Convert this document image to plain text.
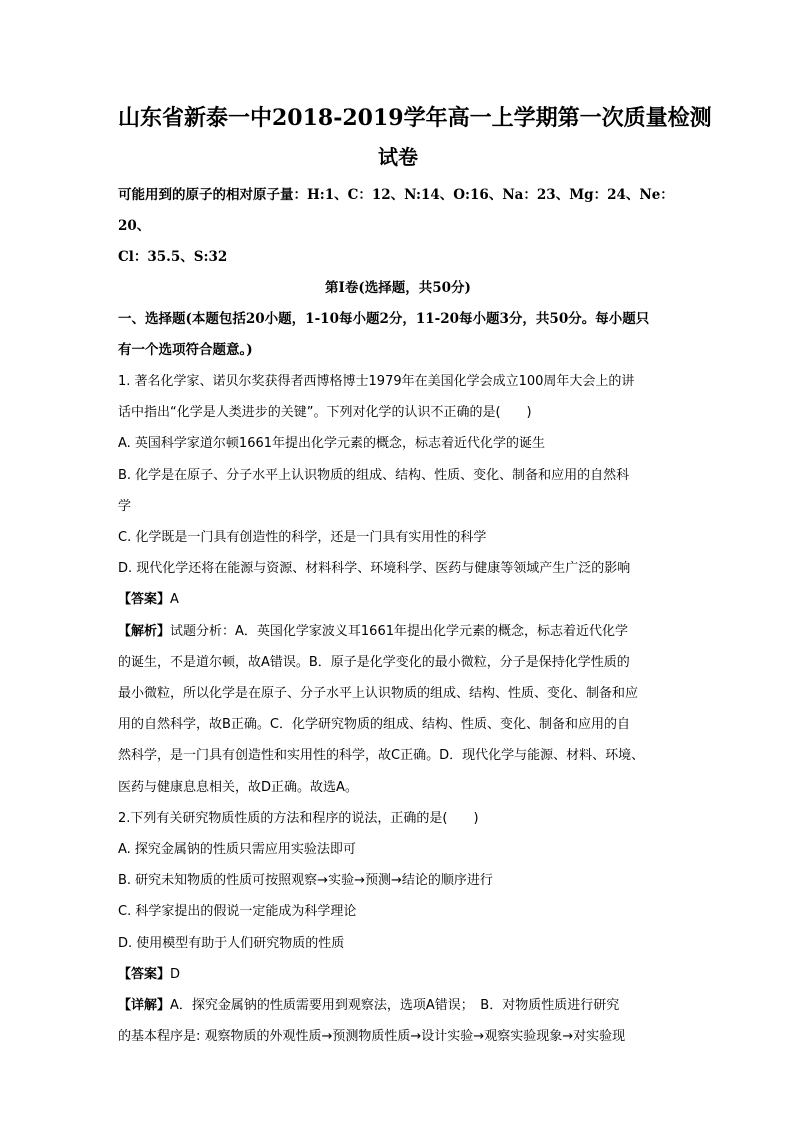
山东省新泰一中2018-2019学年高一上学期第一次质量检测

试卷

可能用到的原子的相对原子量：H:1、C：12、N:14、O:16、Na：23、Mg：24、Ne：20、

Cl：35.5、S:32

第Ⅰ卷(选择题，共50分)

一、选择题(本题包括20小题，1-10每小题2分，11-20每小题3分，共50分。每小题只

有一个选项符合题意。)

1. 著名化学家、诺贝尔奖获得者西博格博士1979年在美国化学会成立100周年大会上的讲

话中指出“化学是人类进步的关键”。下列对化学的认识不正确的是(　　)

A. 英国科学家道尔顿1661年提出化学元素的概念，标志着近代化学的诞生

B. 化学是在原子、分子水平上认识物质的组成、结构、性质、变化、制备和应用的自然科

学

C. 化学既是一门具有创造性的科学，还是一门具有实用性的科学

D. 现代化学还将在能源与资源、材料科学、环境科学、医药与健康等领域产生广泛的影响

【答案】A

【解析】试题分析：A．英国化学家波义耳1661年提出化学元素的概念，标志着近代化学

的诞生，不是道尔顿，故A错误。B．原子是化学变化的最小微粒，分子是保持化学性质的

最小微粒，所以化学是在原子、分子水平上认识物质的组成、结构、性质、变化、制备和应

用的自然科学，故B正确。C．化学研究物质的组成、结构、性质、变化、制备和应用的自

然科学，是一门具有创造性和实用性的科学，故C正确。D．现代化学与能源、材料、环境、

医药与健康息息相关，故D正确。故选A。

2.下列有关研究物质性质的方法和程序的说法，正确的是(　　)

A. 探究金属钠的性质只需应用实验法即可

B. 研究未知物质的性质可按照观察→实验→预测→结论的顺序进行

C. 科学家提出的假说一定能成为科学理论

D. 使用模型有助于人们研究物质的性质

【答案】D

【详解】A．探究金属钠的性质需要用到观察法，选项A错误；　B．对物质性质进行研究

的基本程序是: 观察物质的外观性质→预测物质性质→设计实验→观察实验现象→对实验现
